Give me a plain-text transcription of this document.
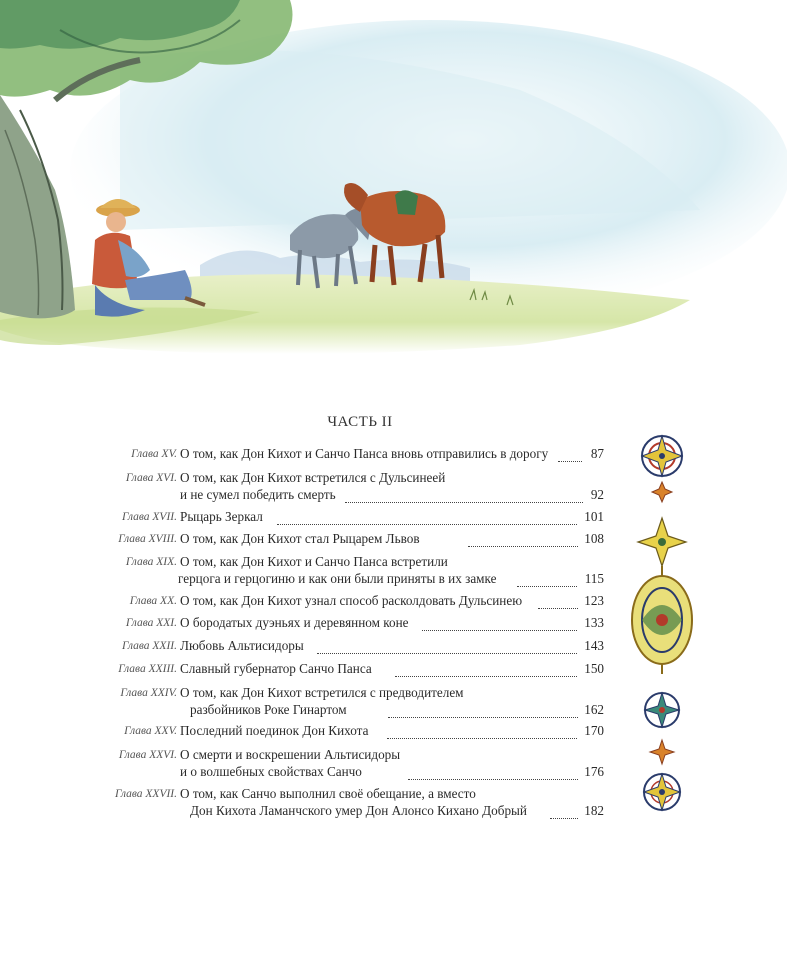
ЧАСТЬ II
Глава XV. О том, как Дон Кихот и Санчо Панса вновь отправились в дорогу	87
Глава XVI. О том, как Дон Кихот встретился с Дульсинеей
и не сумел победить смерть	92
Глава XVII. Рыцарь Зеркал	101
Глава XVIII. О том, как Дон Кихот стал Рыцарем Львов	108
Глава XIX. О том, как Дон Кихот и Санчо Панса встретили
герцога и герцогиню и как они были приняты в их замке	115
Глава XX. О том, как Дон Кихот узнал способ расколдовать Дульсинею	123
Глава XXI. О бородатых дуэньях и деревянном коне	133
Глава XXII. Любовь Альтисидоры	143
Глава XXIII. Славный губернатор Санчо Панса	150
Глава XXIV. О том, как Дон Кихот встретился с предводителем
разбойников Роке Гинартом	162
Глава XXV. Последний поединок Дон Кихота	170
Глава XXVI. О смерти и воскрешении Альтисидоры
и о волшебных свойствах Санчо	176
Глава XXVII. О том, как Санчо выполнил своё обещание, а вместо
Дон Кихота Ламанчского умер Дон Алонсо Кихано Добрый	182
